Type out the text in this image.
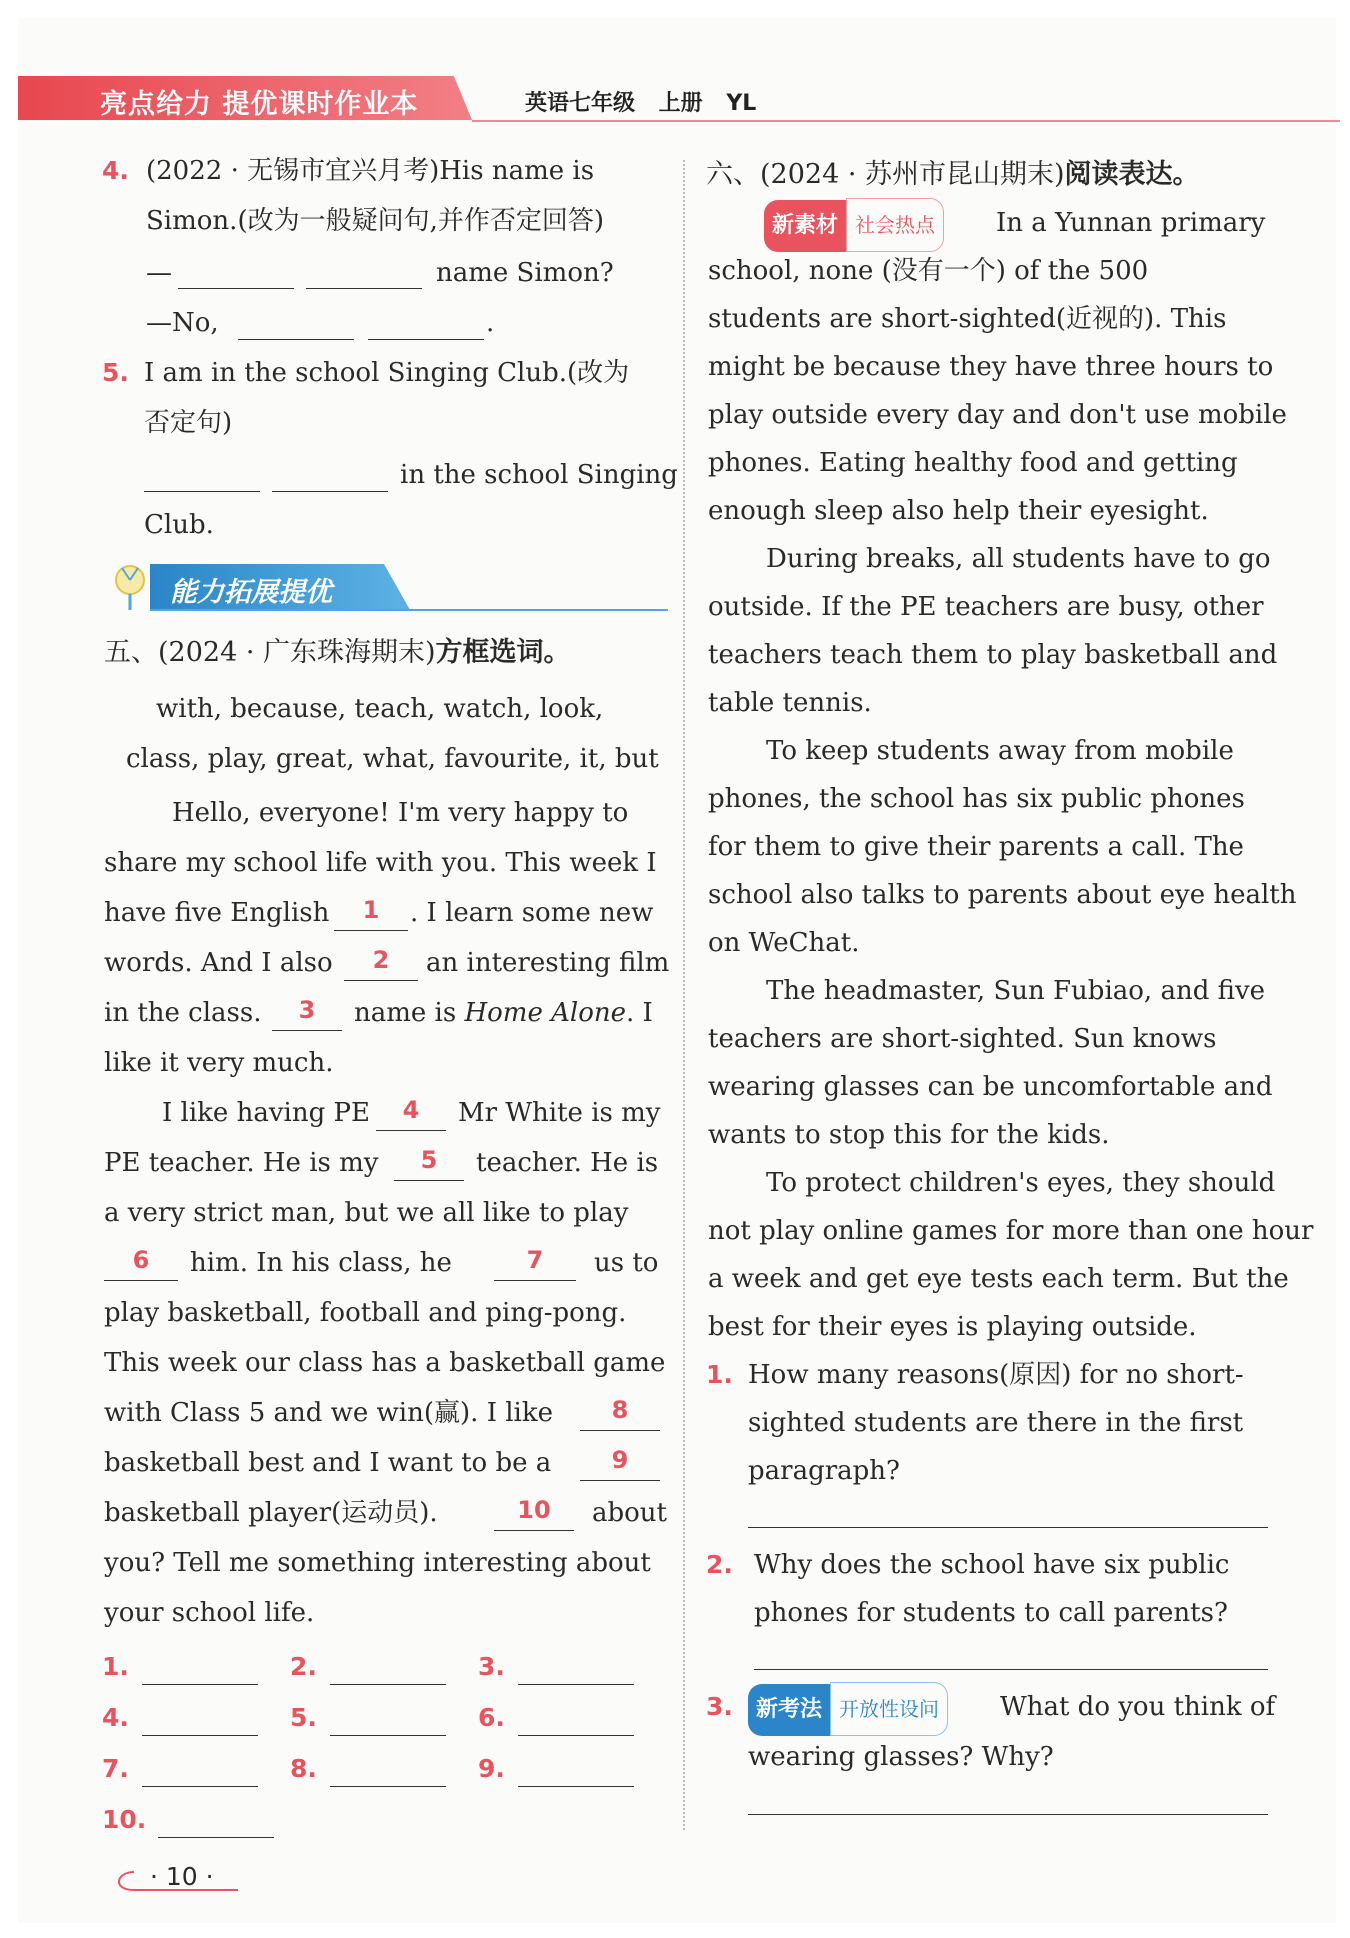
亮点给力 提优课时作业本	英语七年级 上册 YL
4. (2022 · 无锡市宜兴月考)His name is
Simon.(改为一般疑问句,并作否定回答)
—	name Simon?
—No,	.
5. I am in the school Singing Club.(改为
否定句)
in the school Singing
Club.
能力拓展提优
五、(2024 · 广东珠海期末)方框选词。
with, because, teach, watch, look,
class, play, great, what, favourite, it, but
Hello, everyone! I'm very happy to
share my school life with you. This week I
have five English	1	. I learn some new
words. And I also	2	an interesting film
in the class.	3	name is Home Alone. I
like it very much.
I like having PE	4	Mr White is my
PE teacher. He is my	5	teacher. He is
a very strict man, but we all like to play
6	him. In his class, he	7	us to
play basketball, football and ping-pong.
This week our class has a basketball game
with Class 5 and we win(赢). I like	8
basketball best and I want to be a	9
basketball player(运动员).	10	about
you? Tell me something interesting about
your school life.
1.	2.	3.
4.	5.	6.
7.	8.	9.
10.
六、(2024 · 苏州市昆山期末)阅读表达。
新素材 社会热点	In a Yunnan primary
school, none (没有一个) of the 500
students are short-sighted(近视的). This
might be because they have three hours to
play outside every day and don't use mobile
phones. Eating healthy food and getting
enough sleep also help their eyesight.
During breaks, all students have to go
outside. If the PE teachers are busy, other
teachers teach them to play basketball and
table tennis.
To keep students away from mobile
phones, the school has six public phones
for them to give their parents a call. The
school also talks to parents about eye health
on WeChat.
The headmaster, Sun Fubiao, and five
teachers are short-sighted. Sun knows
wearing glasses can be uncomfortable and
wants to stop this for the kids.
To protect children's eyes, they should
not play online games for more than one hour
a week and get eye tests each term. But the
best for their eyes is playing outside.
1. How many reasons(原因) for no short-
sighted students are there in the first
paragraph?
2. Why does the school have six public
phones for students to call parents?
3.	新考法 开放性设问	What do you think of
wearing glasses? Why?
· 10 ·
